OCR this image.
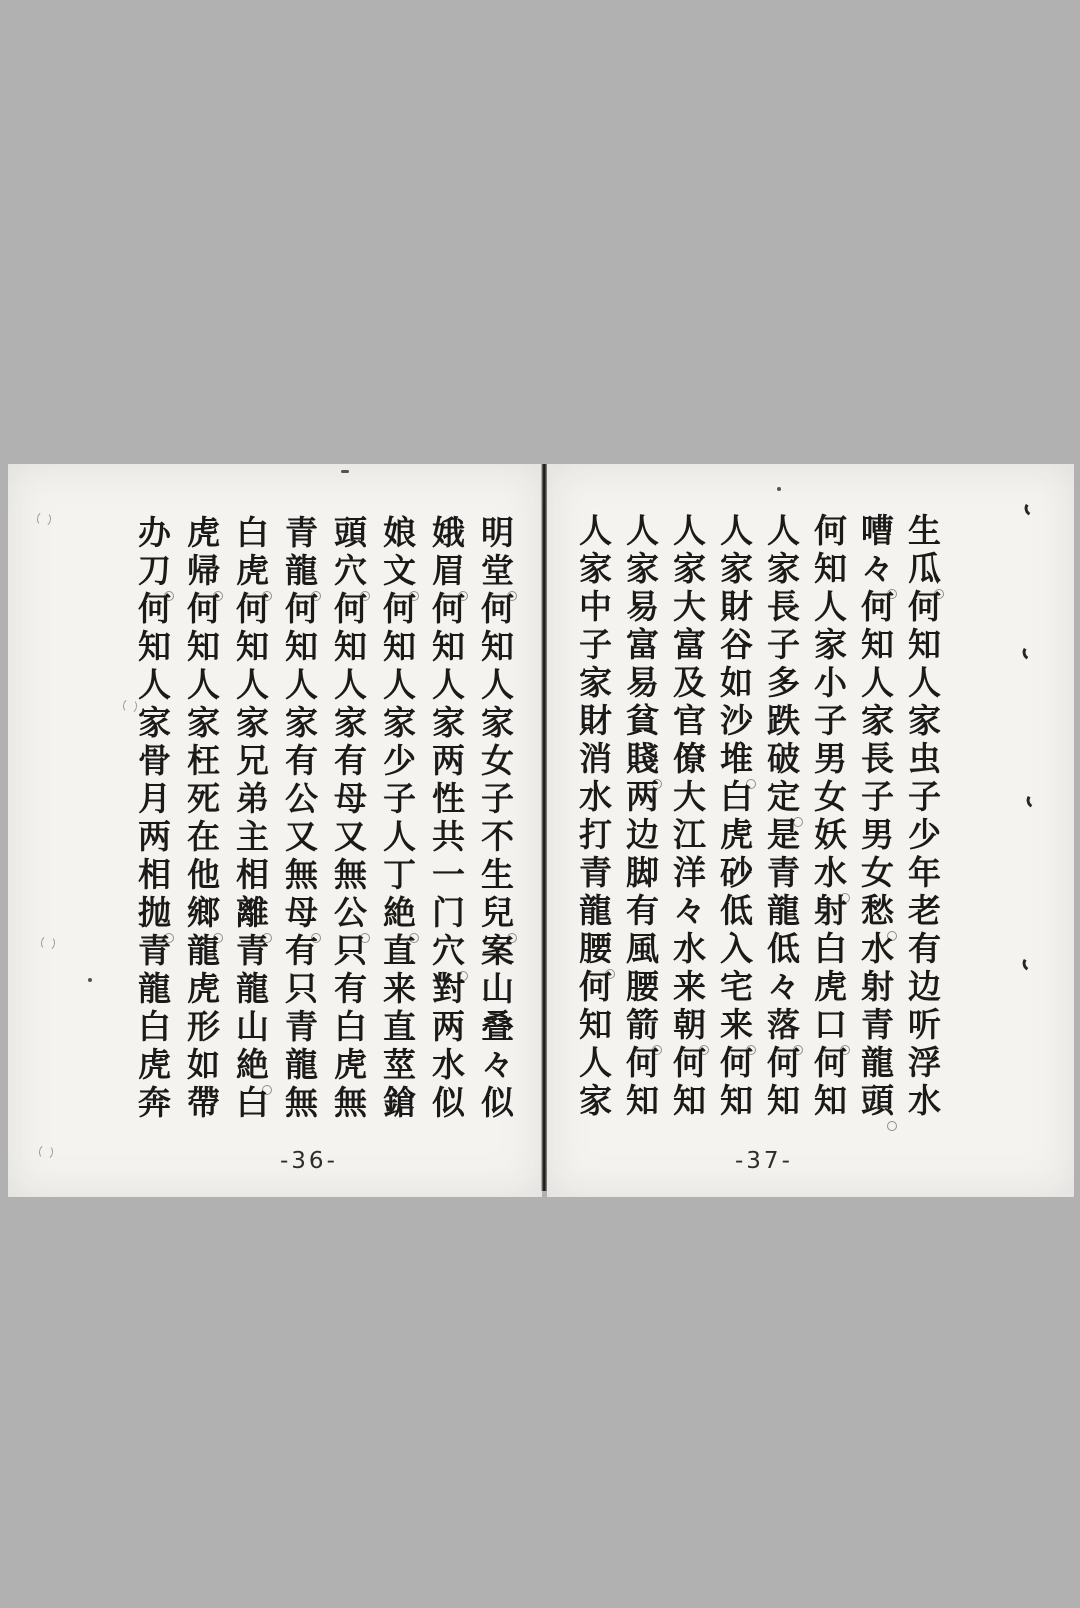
明堂何知人家女子不生兒案山叠々似
娥眉何知人家两性共一门穴對两水似
娘文何知人家少子人丁絶直来直莖鎗
頭穴何知人家有母又無公只有白虎無
青龍何知人家有公又無母有只青龍無
白虎何知人家兄弟主相離青龍山絶白
虎帰何知人家枉死在他鄉龍虎形如帶
办刀何知人家骨月两相抛青龍白虎奔
-36-
生瓜何知人家虫子少年老有边听浮水
嘈々何知人家長子男女愁水射青龍頭
何知人家小子男女妖水射白虎口何知
人家長子多跌破定是青龍低々落何知
人家財谷如沙堆白虎砂低入宅来何知
人家大富及官僚大江洋々水来朝何知
人家易富易貧賤两边脚有風腰箭何知
人家中子家財消水打青龍腰何知人家
-37-
